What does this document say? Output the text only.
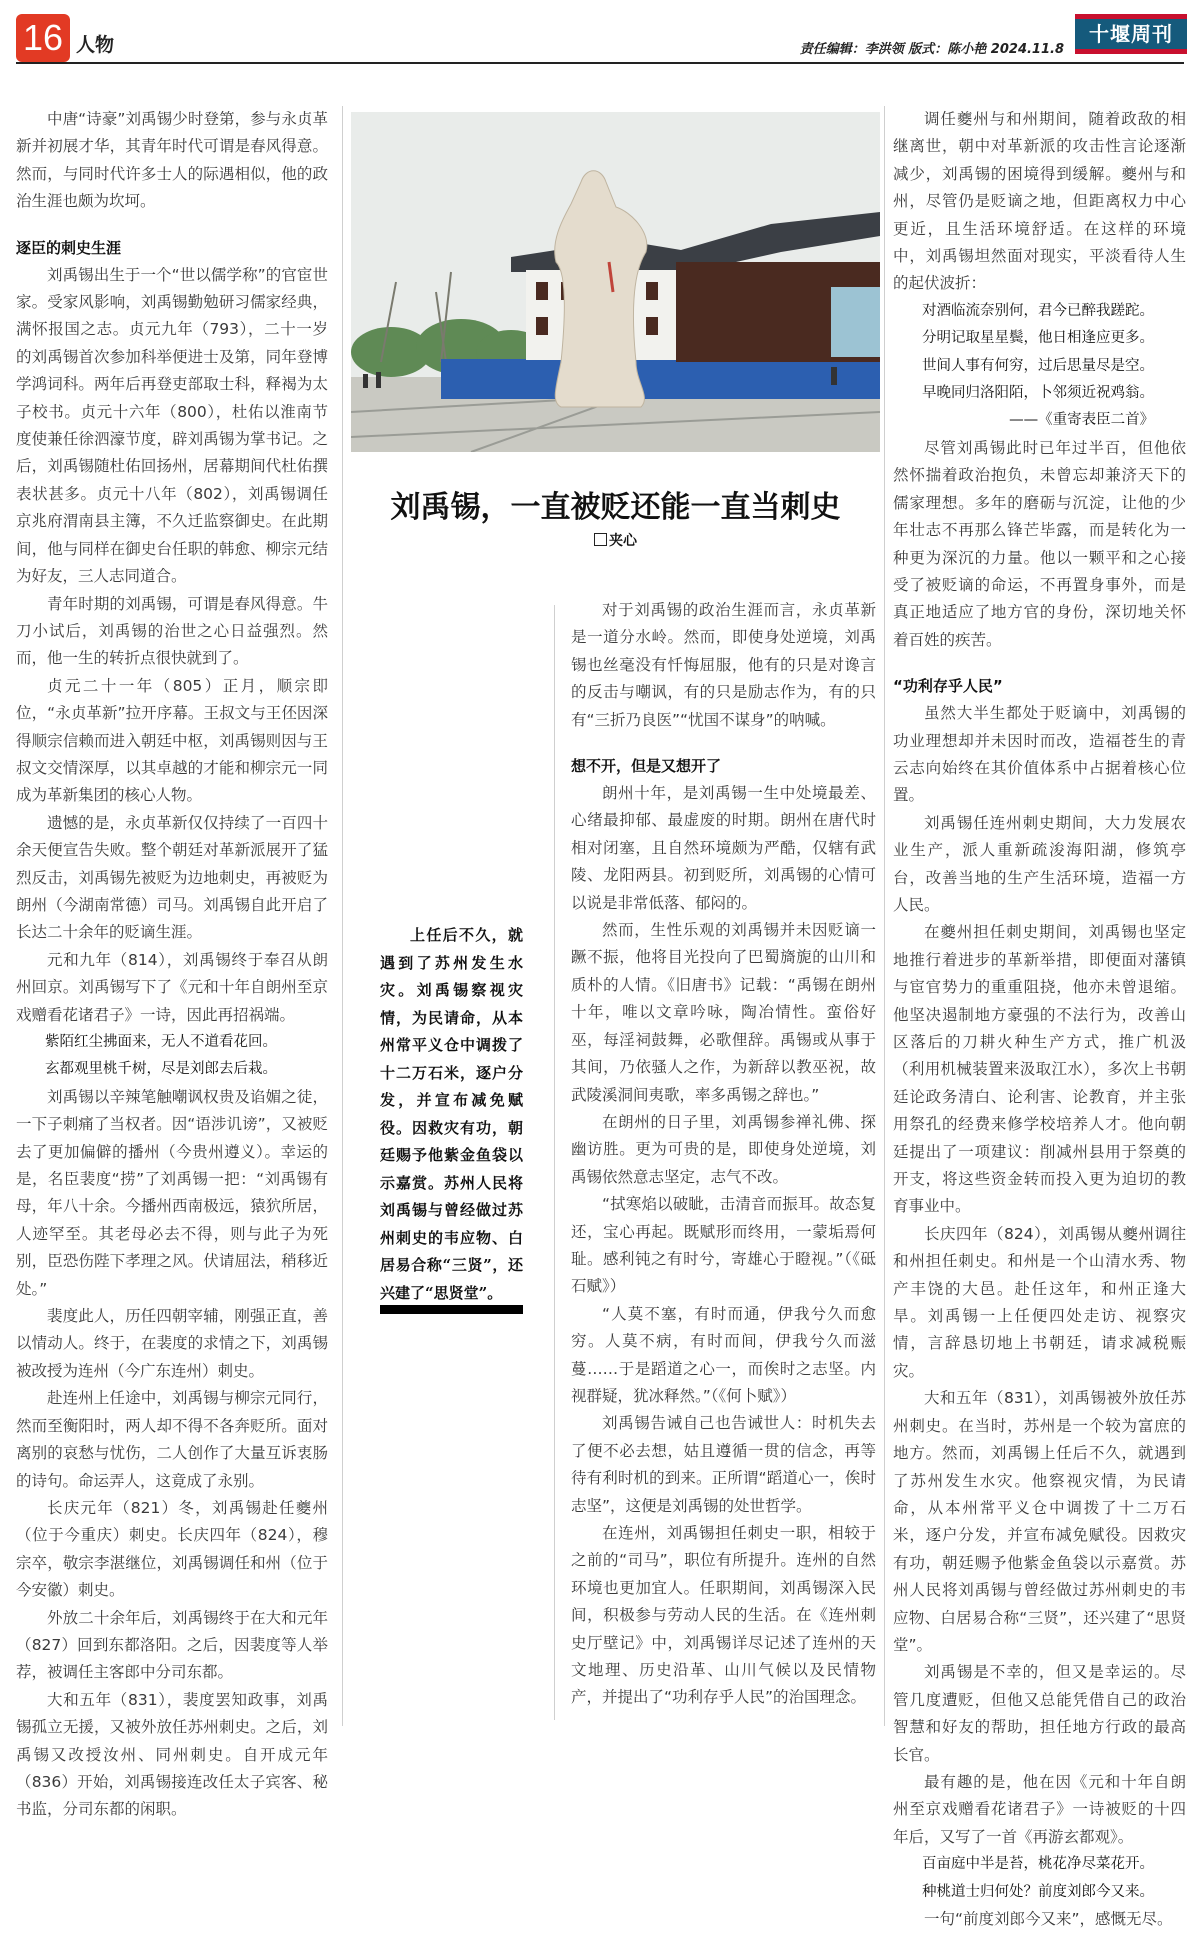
16 人物	责任编辑：李洪领 版式：陈小艳 2024.11.8
十堰周刊
刘禹锡，一直被贬还能一直当刺史
夹心
上任后不久，就遇到了苏州发生水灾。刘禹锡察视灾情，为民请命，从本州常平义仓中调拨了十二万石米，逐户分发，并宣布减免赋役。因救灾有功，朝廷赐予他紫金鱼袋以示嘉赏。苏州人民将刘禹锡与曾经做过苏州刺史的韦应物、白居易合称“三贤”，还兴建了“思贤堂”。

中唐“诗豪”刘禹锡少时登第，参与永贞革新并初展才华，其青年时代可谓是春风得意。然而，与同时代许多士人的际遇相似，他的政治生涯也颇为坎坷。

逐臣的刺史生涯

刘禹锡出生于一个“世以儒学称”的官宦世家。受家风影响，刘禹锡勤勉研习儒家经典，满怀报国之志。贞元九年（793），二十一岁的刘禹锡首次参加科举便进士及第，同年登博学鸿词科。两年后再登吏部取士科，释褐为太子校书。贞元十六年（800），杜佑以淮南节度使兼任徐泗濠节度，辟刘禹锡为掌书记。之后，刘禹锡随杜佑回扬州，居幕期间代杜佑撰表状甚多。贞元十八年（802），刘禹锡调任京兆府渭南县主簿，不久迁监察御史。在此期间，他与同样在御史台任职的韩愈、柳宗元结为好友，三人志同道合。

青年时期的刘禹锡，可谓是春风得意。牛刀小试后，刘禹锡的治世之心日益强烈。然而，他一生的转折点很快就到了。

贞元二十一年（805）正月，顺宗即位，“永贞革新”拉开序幕。王叔文与王伾因深得顺宗信赖而进入朝廷中枢，刘禹锡则因与王叔文交情深厚，以其卓越的才能和柳宗元一同成为革新集团的核心人物。

遗憾的是，永贞革新仅仅持续了一百四十余天便宣告失败。整个朝廷对革新派展开了猛烈反击，刘禹锡先被贬为边地刺史，再被贬为朗州（今湖南常德）司马。刘禹锡自此开启了长达二十余年的贬谪生涯。

元和九年（814），刘禹锡终于奉召从朗州回京。刘禹锡写下了《元和十年自朗州至京戏赠看花诸君子》一诗，因此再招祸端。

紫陌红尘拂面来，无人不道看花回。

玄都观里桃千树，尽是刘郎去后栽。

刘禹锡以辛辣笔触嘲讽权贵及谄媚之徒，一下子刺痛了当权者。因“语涉讥谤”，又被贬去了更加偏僻的播州（今贵州遵义）。幸运的是，名臣裴度“捞”了刘禹锡一把：“刘禹锡有母，年八十余。今播州西南极远，猿狖所居，人迹罕至。其老母必去不得，则与此子为死别，臣恐伤陛下孝理之风。伏请屈法，稍移近处。”

裴度此人，历任四朝宰辅，刚强正直，善以情动人。终于，在裴度的求情之下，刘禹锡被改授为连州（今广东连州）刺史。

赴连州上任途中，刘禹锡与柳宗元同行，然而至衡阳时，两人却不得不各奔贬所。面对离别的哀愁与忧伤，二人创作了大量互诉衷肠的诗句。命运弄人，这竟成了永别。

长庆元年（821）冬，刘禹锡赴任夔州（位于今重庆）刺史。长庆四年（824），穆宗卒，敬宗李湛继位，刘禹锡调任和州（位于今安徽）刺史。

外放二十余年后，刘禹锡终于在大和元年（827）回到东都洛阳。之后，因裴度等人举荐，被调任主客郎中分司东都。

大和五年（831），裴度罢知政事，刘禹锡孤立无援，又被外放任苏州刺史。之后，刘禹锡又改授汝州、同州刺史。自开成元年（836）开始，刘禹锡接连改任太子宾客、秘书监，分司东都的闲职。

对于刘禹锡的政治生涯而言，永贞革新是一道分水岭。然而，即使身处逆境，刘禹锡也丝毫没有忏悔屈服，他有的只是对谗言的反击与嘲讽，有的只是励志作为，有的只有“三折乃良医”“忧国不谋身”的呐喊。

想不开，但是又想开了

朗州十年，是刘禹锡一生中处境最差、心绪最抑郁、最虚废的时期。朗州在唐代时相对闭塞，且自然环境颇为严酷，仅辖有武陵、龙阳两县。初到贬所，刘禹锡的心情可以说是非常低落、郁闷的。

然而，生性乐观的刘禹锡并未因贬谪一蹶不振，他将目光投向了巴蜀旖旎的山川和质朴的人情。《旧唐书》记载：“禹锡在朗州十年，唯以文章吟咏，陶冶情性。蛮俗好巫，每淫祠鼓舞，必歌俚辞。禹锡或从事于其间，乃依骚人之作，为新辞以教巫祝，故武陵溪洞间夷歌，率多禹锡之辞也。”

在朗州的日子里，刘禹锡参禅礼佛、探幽访胜。更为可贵的是，即使身处逆境，刘禹锡依然意志坚定，志气不改。

“拭寒焰以破眦，击清音而振耳。故态复还，宝心再起。既赋形而终用，一蒙垢焉何耻。感利钝之有时兮，寄雄心于瞪视。”（《砥石赋》）

“人莫不塞，有时而通，伊我兮久而愈穷。人莫不病，有时而间，伊我兮久而滋蔓……于是蹈道之心一，而俟时之志坚。内视群疑，犹冰释然。”（《何卜赋》）

刘禹锡告诫自己也告诫世人：时机失去了便不必去想，姑且遵循一贯的信念，再等待有利时机的到来。正所谓“蹈道心一，俟时志坚”，这便是刘禹锡的处世哲学。

在连州，刘禹锡担任刺史一职，相较于之前的“司马”，职位有所提升。连州的自然环境也更加宜人。任职期间，刘禹锡深入民间，积极参与劳动人民的生活。在《连州刺史厅壁记》中，刘禹锡详尽记述了连州的天文地理、历史沿革、山川气候以及民情物产，并提出了“功利存乎人民”的治国理念。

调任夔州与和州期间，随着政敌的相继离世，朝中对革新派的攻击性言论逐渐减少，刘禹锡的困境得到缓解。夔州与和州，尽管仍是贬谪之地，但距离权力中心更近，且生活环境舒适。在这样的环境中，刘禹锡坦然面对现实，平淡看待人生的起伏波折：

对酒临流奈别何，君今已醉我蹉跎。

分明记取星星鬓，他日相逢应更多。

世间人事有何穷，过后思量尽是空。

早晚同归洛阳陌，卜邻须近祝鸡翁。

——《重寄表臣二首》

尽管刘禹锡此时已年过半百，但他依然怀揣着政治抱负，未曾忘却兼济天下的儒家理想。多年的磨砺与沉淀，让他的少年壮志不再那么锋芒毕露，而是转化为一种更为深沉的力量。他以一颗平和之心接受了被贬谪的命运，不再置身事外，而是真正地适应了地方官的身份，深切地关怀着百姓的疾苦。

“功利存乎人民”

虽然大半生都处于贬谪中，刘禹锡的功业理想却并未因时而改，造福苍生的青云志向始终在其价值体系中占据着核心位置。

刘禹锡任连州刺史期间，大力发展农业生产，派人重新疏浚海阳湖，修筑亭台，改善当地的生产生活环境，造福一方人民。

在夔州担任刺史期间，刘禹锡也坚定地推行着进步的革新举措，即便面对藩镇与宦官势力的重重阻挠，他亦未曾退缩。他坚决遏制地方豪强的不法行为，改善山区落后的刀耕火种生产方式，推广机汲（利用机械装置来汲取江水），多次上书朝廷论政务清白、论利害、论教育，并主张用祭孔的经费来修学校培养人才。他向朝廷提出了一项建议：削减州县用于祭奠的开支，将这些资金转而投入更为迫切的教育事业中。

长庆四年（824），刘禹锡从夔州调往和州担任刺史。和州是一个山清水秀、物产丰饶的大邑。赴任这年，和州正逢大旱。刘禹锡一上任便四处走访、视察灾情，言辞恳切地上书朝廷，请求减税赈灾。

大和五年（831），刘禹锡被外放任苏州刺史。在当时，苏州是一个较为富庶的地方。然而，刘禹锡上任后不久，就遇到了苏州发生水灾。他察视灾情，为民请命，从本州常平义仓中调拨了十二万石米，逐户分发，并宣布减免赋役。因救灾有功，朝廷赐予他紫金鱼袋以示嘉赏。苏州人民将刘禹锡与曾经做过苏州刺史的韦应物、白居易合称“三贤”，还兴建了“思贤堂”。

刘禹锡是不幸的，但又是幸运的。尽管几度遭贬，但他又总能凭借自己的政治智慧和好友的帮助，担任地方行政的最高长官。

最有趣的是，他在因《元和十年自朗州至京戏赠看花诸君子》一诗被贬的十四年后，又写了一首《再游玄都观》。

百亩庭中半是苔，桃花净尽菜花开。

种桃道士归何处？前度刘郎今又来。

一句“前度刘郎今又来”，感慨无尽。
